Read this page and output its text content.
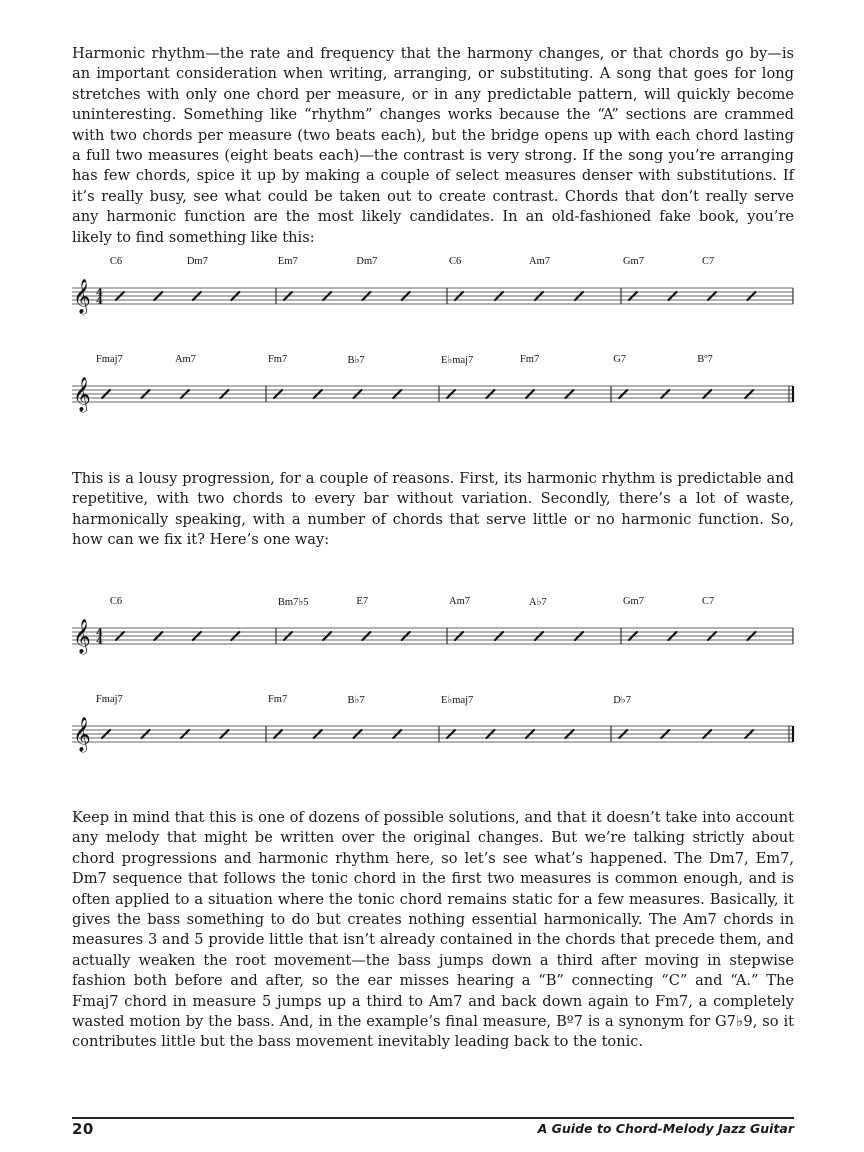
Harmonic rhythm—the rate and frequency that the harmony changes, or that chords go by—is an important consideration when writing, arranging, or substituting. A song that goes for long stretches with only one chord per measure, or in any predictable pattern, will quickly become uninteresting. Something like “rhythm” changes works because the “A” sections are crammed with two chords per measure (two beats each), but the bridge opens up with each chord lasting a full two measures (eight beats each)—the contrast is very strong. If the song you’re arranging has few chords, spice it up by making a couple of select measures denser with substitutions. If it’s really busy, see what could be taken out to create contrast. Chords that don’t really serve any harmonic function are the most likely candidates. In an old-fashioned fake book, you’re likely to find something like this:

𝄞 4
4
C6	Dm7	Em7	Dm7	C6	Am7	Gm7	C7
𝄞
Fmaj7	Am7	Fm7	B♭7	E♭maj7	Fm7	G7	Bº7

This is a lousy progression, for a couple of reasons. First, its harmonic rhythm is predictable and repetitive, with two chords to every bar without variation. Secondly, there’s a lot of waste, harmonically speaking, with a number of chords that serve little or no harmonic function. So, how can we fix it? Here’s one way:

𝄞 4
4
C6	Bm7♭5	E7	Am7	A♭7	Gm7	C7
𝄞
Fmaj7	Fm7	B♭7	E♭maj7	D♭7

Keep in mind that this is one of dozens of possible solutions, and that it doesn’t take into account any melody that might be written over the original changes. But we’re talking strictly about chord progressions and harmonic rhythm here, so let’s see what’s happened. The Dm7, Em7, Dm7 sequence that follows the tonic chord in the first two measures is common enough, and is often applied to a situation where the tonic chord remains static for a few measures. Basically, it gives the bass something to do but creates nothing essential harmonically. The Am7 chords in measures 3 and 5 provide little that isn’t already contained in the chords that precede them, and actually weaken the root movement—the bass jumps down a third after moving in stepwise fashion both before and after, so the ear misses hearing a “B” connecting “C” and “A.” The Fmaj7 chord in measure 5 jumps up a third to Am7 and back down again to Fm7, a completely wasted motion by the bass. And, in the example’s final measure, Bº7 is a synonym for G7♭9, so it contributes little but the bass movement inevitably leading back to the tonic.

20	A Guide to Chord-Melody Jazz Guitar
